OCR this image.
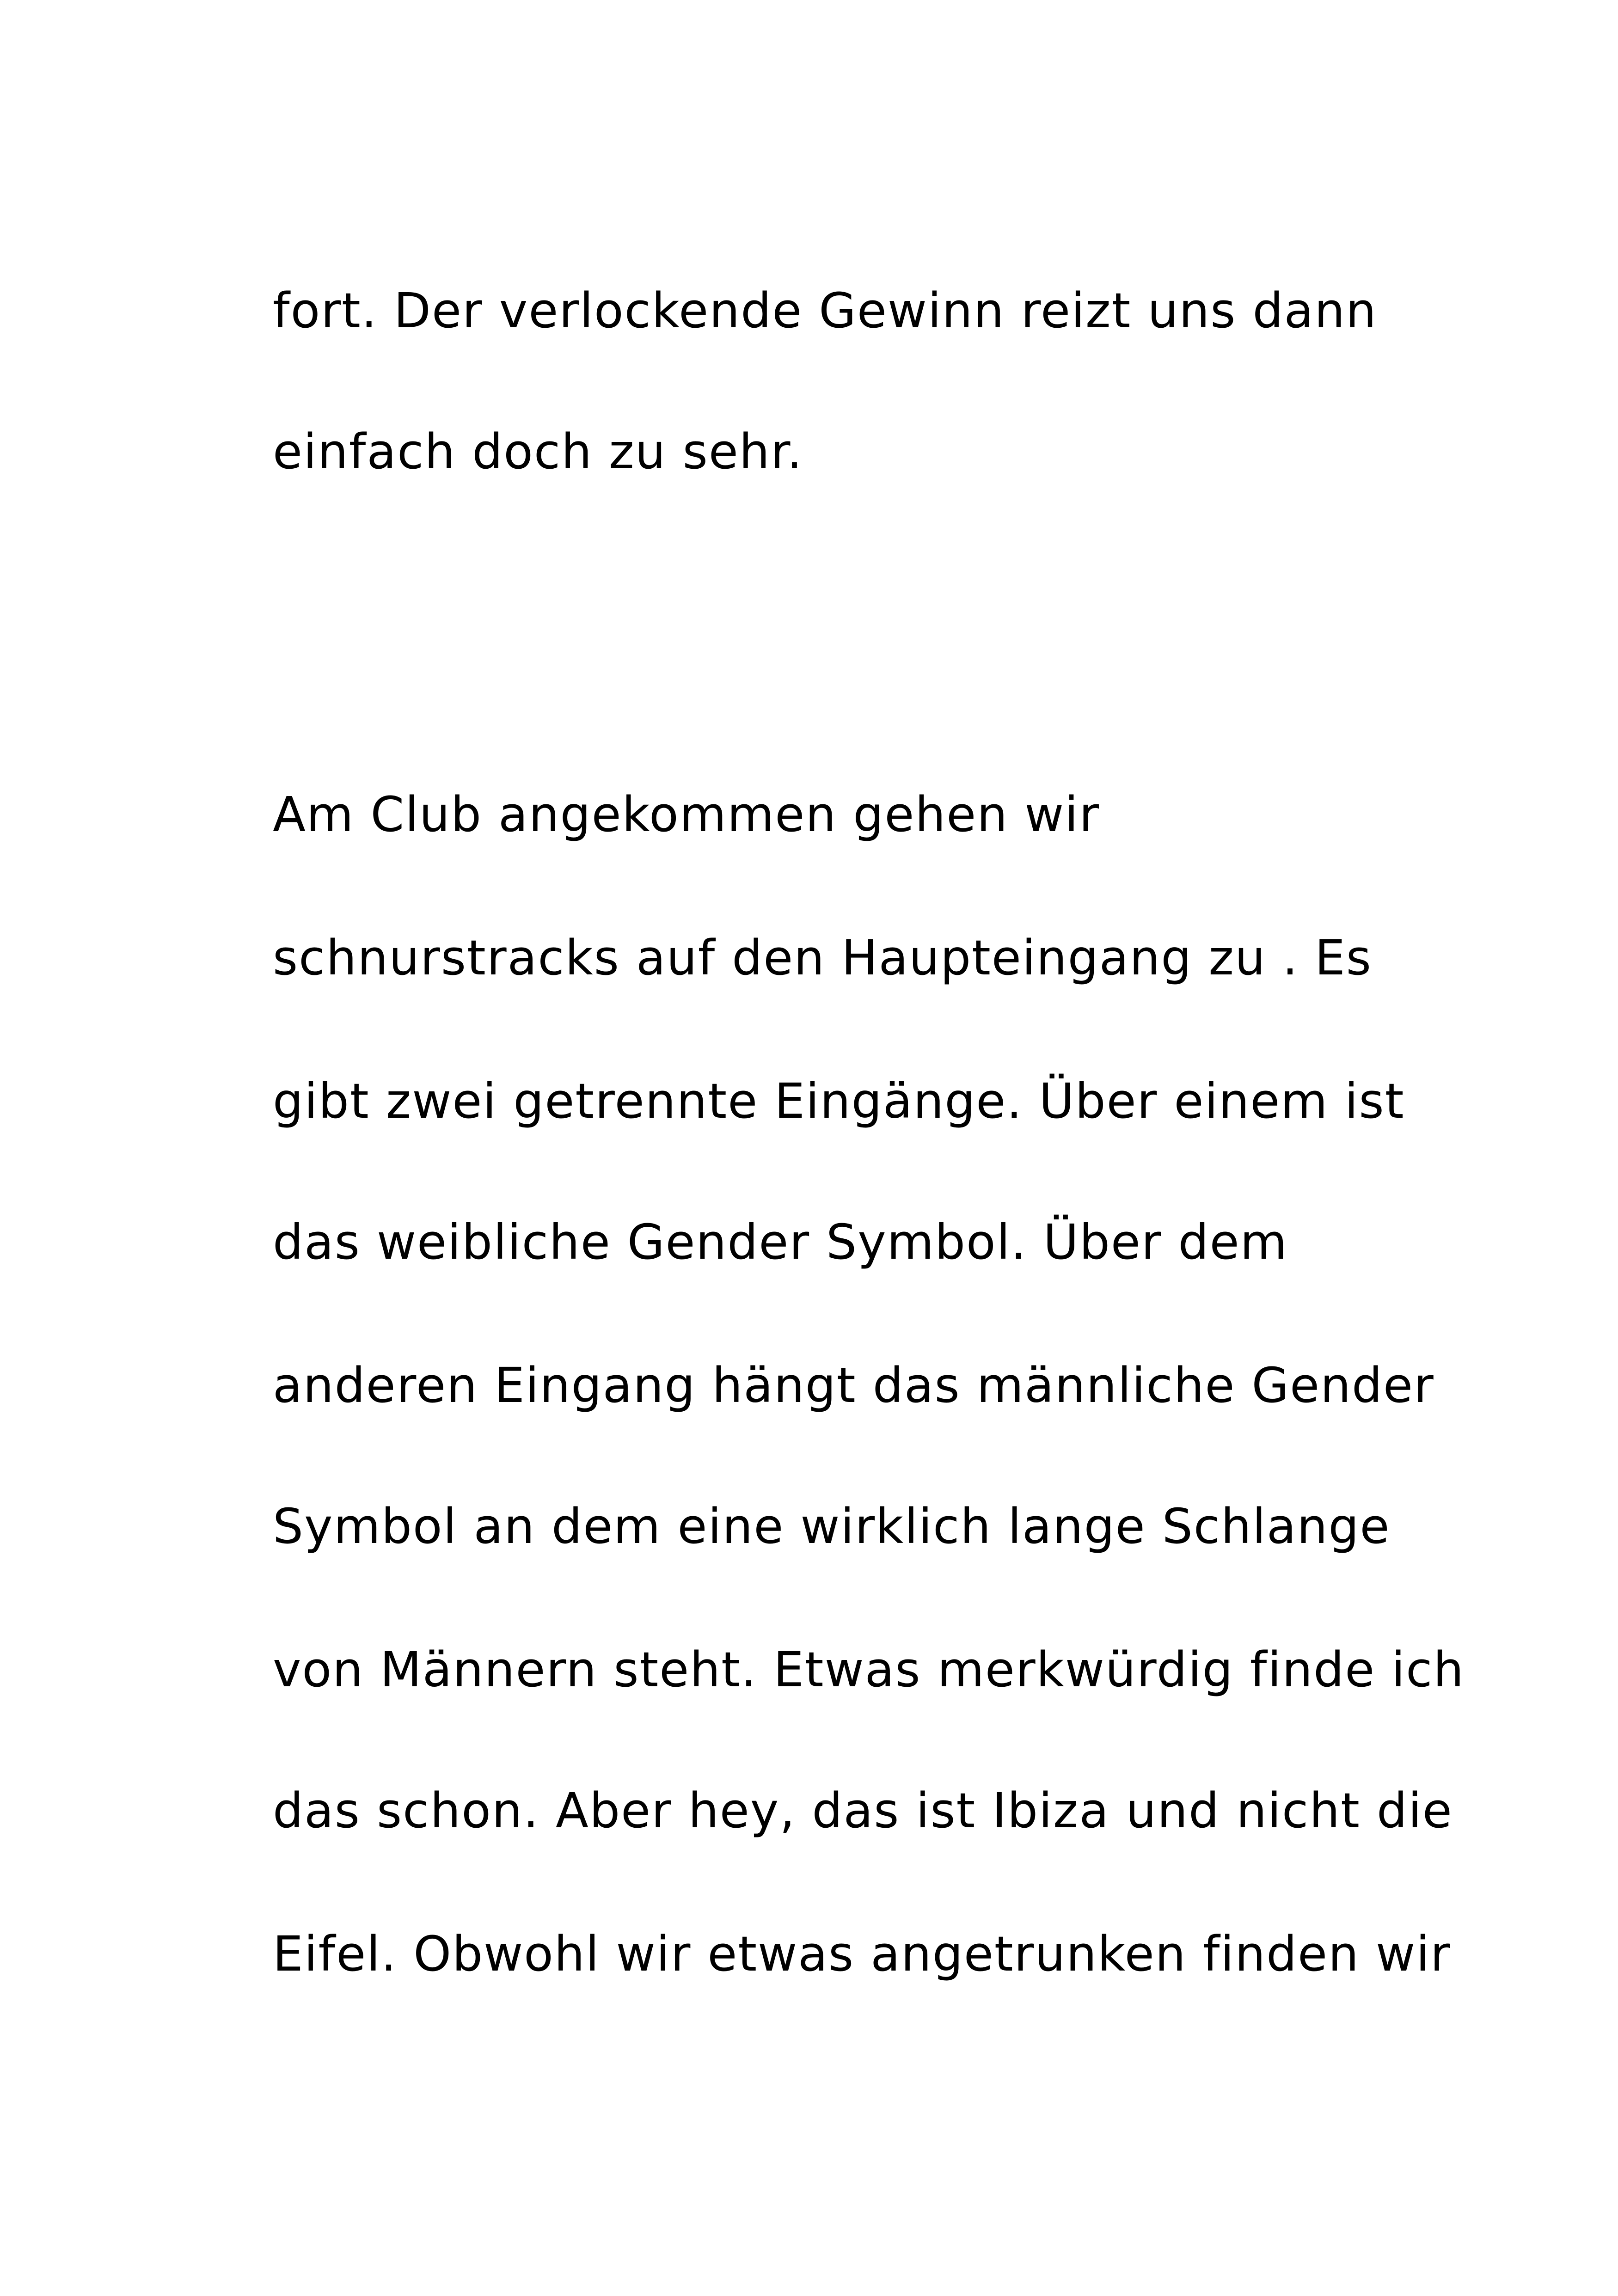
fort. Der verlockende Gewinn reizt uns dann

einfach doch zu sehr.

Am Club angekommen gehen wir

schnurstracks auf den Haupteingang zu . Es

gibt zwei getrennte Eingänge. Über einem ist

das weibliche Gender Symbol. Über dem

anderen Eingang hängt das männliche Gender

Symbol an dem eine wirklich lange Schlange

von Männern steht. Etwas merkwürdig finde ich

das schon. Aber hey, das ist Ibiza und nicht die

Eifel. Obwohl wir etwas angetrunken finden wir
